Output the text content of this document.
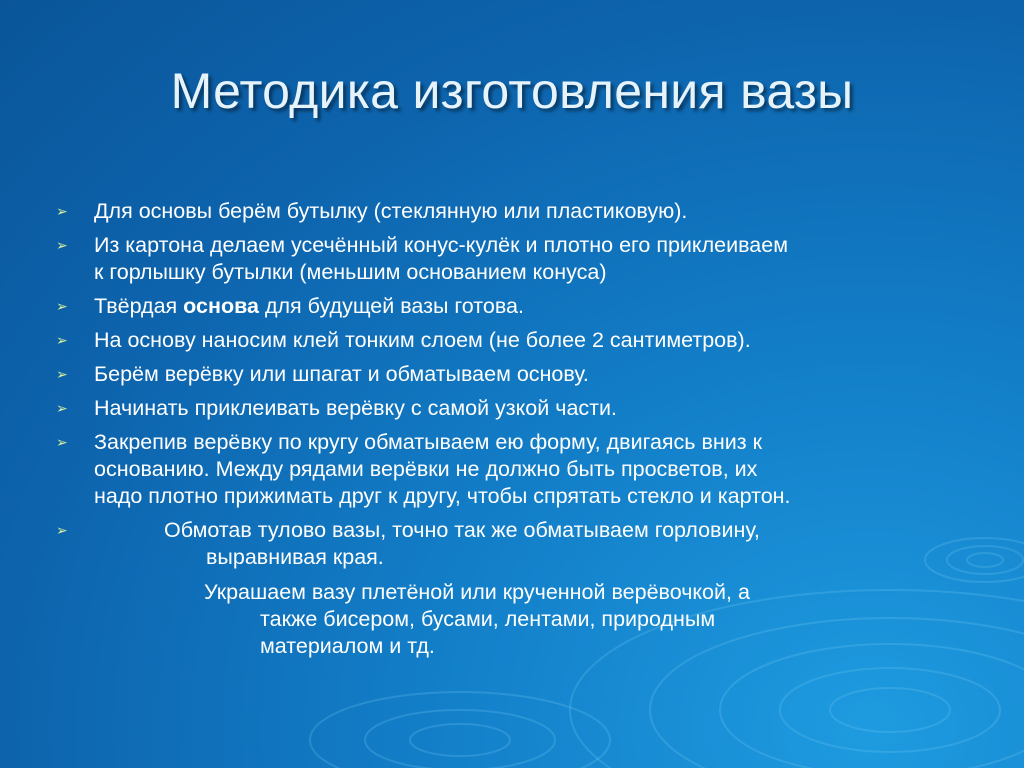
Методика изготовления вазы
➢ Для основы берём бутылку (стеклянную или пластиковую).
➢ Из картона делаем усечённый конус-кулёк и плотно его приклеиваем
к горлышку бутылки (меньшим основанием конуса)
➢ Твёрдая основа для будущей вазы готова.
➢ На основу наносим клей тонким слоем (не более 2 сантиметров).
➢ Берём верёвку или шпагат и обматываем основу.
➢ Начинать приклеивать верёвку с самой узкой части.
➢ Закрепив верёвку по кругу обматываем ею форму, двигаясь вниз к
основанию. Между рядами верёвки не должно быть просветов, их
надо плотно прижимать друг к другу, чтобы спрятать стекло и картон.
➢	Обмотав тулово вазы, точно так же обматываем горловину,
выравнивая края.
Украшаем вазу плетёной или крученной верёвочкой, а
также бисером, бусами, лентами, природным
материалом и тд.
